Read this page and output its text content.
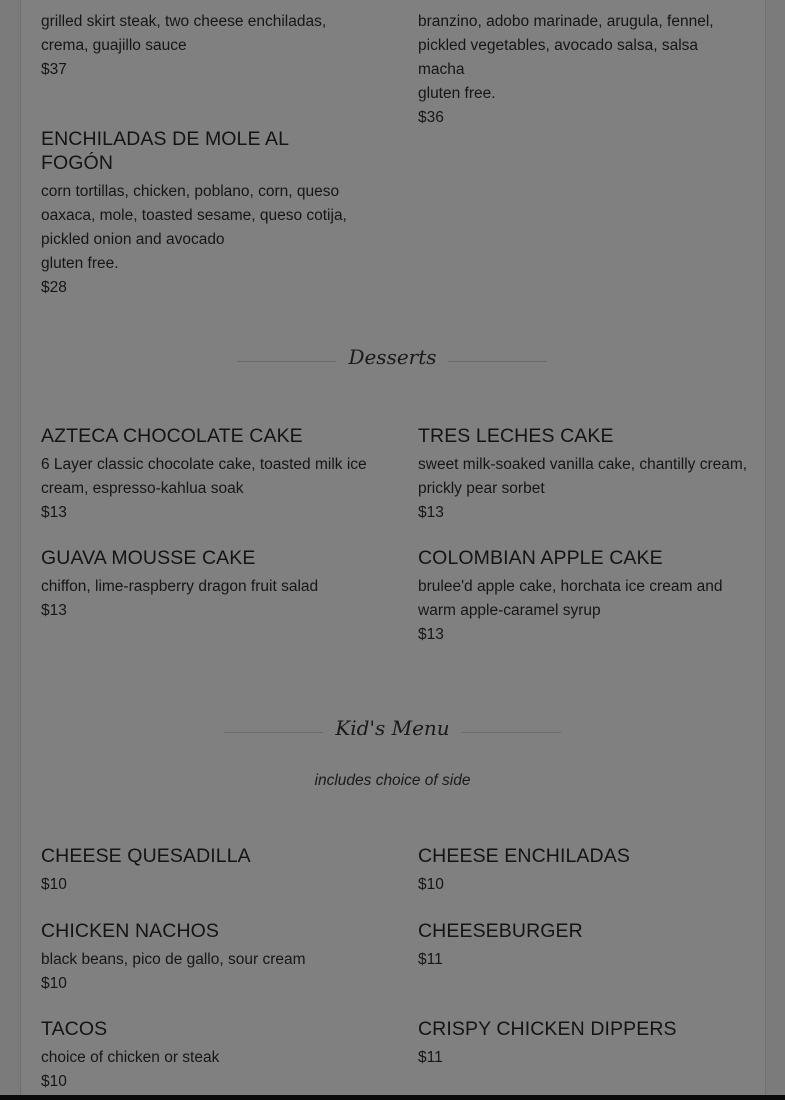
grilled skirt steak, two cheese enchiladas, crema, guajillo sauce
$37
branzino, adobo marinade, arugula, fennel, pickled vegetables, avocado salsa, salsa macha
gluten free.
$36
ENCHILADAS DE MOLE AL FOGÓN
corn tortillas, chicken, poblano, corn, queso oaxaca, mole, toasted sesame, queso cotija, pickled onion and avocado
gluten free.
$28
Desserts
AZTECA CHOCOLATE CAKE
6 Layer classic chocolate cake, toasted milk ice cream, espresso-kahlua soak
$13
TRES LECHES CAKE
sweet milk-soaked vanilla cake, chantilly cream, prickly pear sorbet
$13
GUAVA MOUSSE CAKE
chiffon, lime-raspberry dragon fruit salad
$13
COLOMBIAN APPLE CAKE
brulee'd apple cake, horchata ice cream and warm apple-caramel syrup
$13
Kid's Menu
includes choice of side
CHEESE QUESADILLA
$10
CHEESE ENCHILADAS
$10
CHICKEN NACHOS
black beans, pico de gallo, sour cream
$10
CHEESEBURGER
$11
TACOS
choice of chicken or steak
$10
CRISPY CHICKEN DIPPERS
$11
